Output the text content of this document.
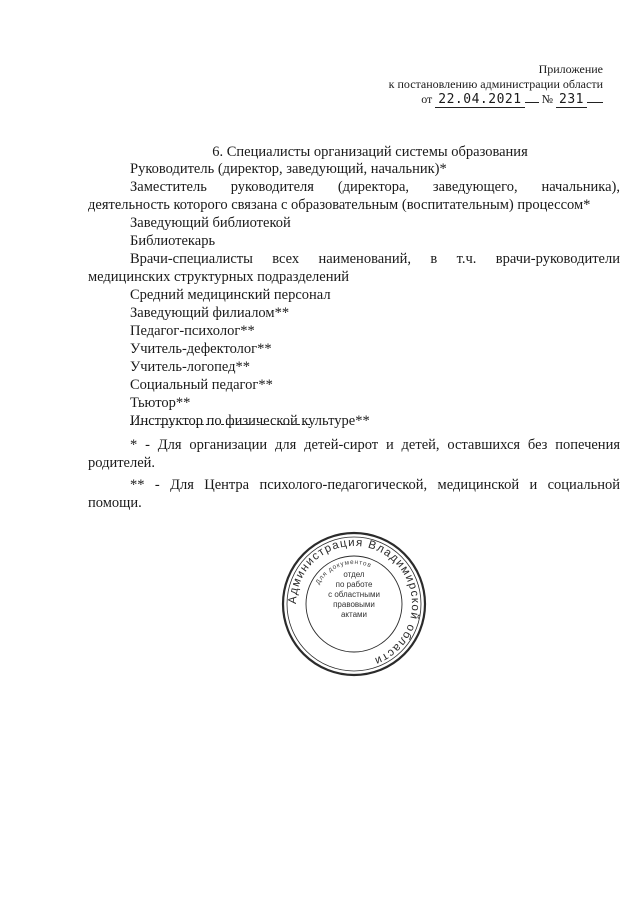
Приложение
к постановлению администрации области
от 22.04.2021 № 231
6. Специалисты организаций системы образования
Руководитель (директор, заведующий, начальник)*
Заместитель руководителя (директора, заведующего, начальника), деятельность которого связана с образовательным (воспитательным) процессом*
Заведующий библиотекой
Библиотекарь
Врачи-специалисты всех наименований, в т.ч. врачи-руководители медицинских структурных подразделений
Средний медицинский персонал
Заведующий филиалом**
Педагог-психолог**
Учитель-дефектолог**
Учитель-логопед**
Социальный педагог**
Тьютор**
Инструктор по физической культуре**
* - Для организации для детей-сирот и детей, оставшихся без попечения родителей.
** - Для Центра психолого-педагогической, медицинской и социальной помощи.
Администрация Владимирской области
Для документов
отдел
по работе
с областными
правовыми
актами
